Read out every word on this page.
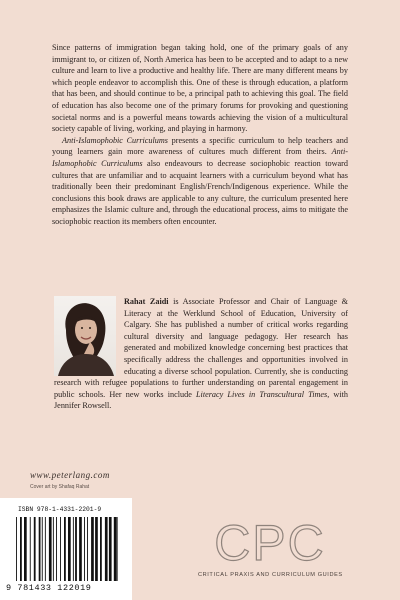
Since patterns of immigration began taking hold, one of the primary goals of any immigrant to, or citizen of, North America has been to be accepted and to adapt to a new culture and learn to live a productive and healthy life. There are many different means by which people endeavor to accomplish this. One of these is through education, a platform that has been, and should continue to be, a principal path to achieving this goal. The field of education has also become one of the primary forums for provoking and questioning societal norms and is a powerful means towards achieving the vision of a multicultural society capable of living, working, and playing in harmony.

Anti-Islamophobic Curriculums presents a specific curriculum to help teachers and young learners gain more awareness of cultures much different from theirs. Anti-Islamophobic Curriculums also endeavours to decrease sociophobic reaction toward cultures that are unfamiliar and to acquaint learners with a curriculum beyond what has traditionally been their predominant English/French/Indigenous experience. While the conclusions this book draws are applicable to any culture, the curriculum presented here emphasizes the Islamic culture and, through the educational process, aims to mitigate the sociophobic reaction its members often encounter.

Rahat Zaidi is Associate Professor and Chair of Language & Literacy at the Werklund School of Education, University of Calgary. She has published a number of critical works regarding cultural diversity and language pedagogy. Her research has generated and mobilized knowledge concerning best practices that specifically address the challenges and opportunities involved in educating a diverse school population. Currently, she is conducting research with refugee populations to further understanding on parental engagement in public schools. Her new works include Literacy Lives in Transcultural Times, with Jennifer Rowsell.
www.peterlang.com
Cover art by Shafaq Rahat
ISBN 978-1-4331-2201-9
9 781433 122019
CPC
CRITICAL PRAXIS AND CURRICULUM GUIDES
